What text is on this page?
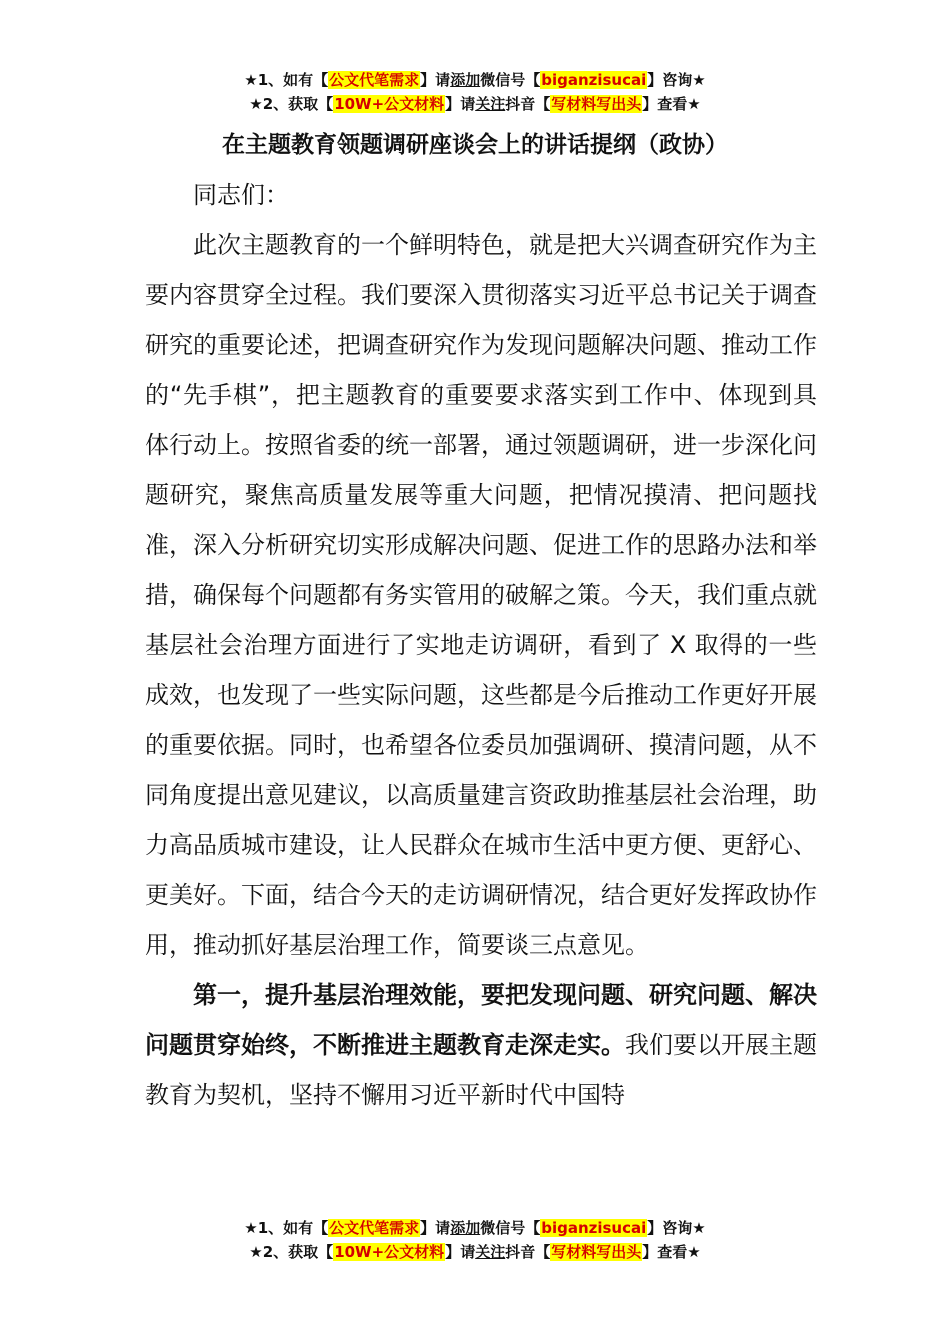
★1、如有【公文代笔需求】请添加微信号【biganzisucai】咨询★
★2、获取【10W+公文材料】请关注抖音【写材料写出头】查看★
在主题教育领题调研座谈会上的讲话提纲（政协）

同志们：

此次主题教育的一个鲜明特色，就是把大兴调查研究作为主要内容贯穿全过程。我们要深入贯彻落实习近平总书记关于调查研究的重要论述，把调查研究作为发现问题解决问题、推动工作的“先手棋”，把主题教育的重要要求落实到工作中、体现到具体行动上。按照省委的统一部署，通过领题调研，进一步深化问题研究，聚焦高质量发展等重大问题，把情况摸清、把问题找准，深入分析研究切实形成解决问题、促进工作的思路办法和举措，确保每个问题都有务实管用的破解之策。今天，我们重点就基层社会治理方面进行了实地走访调研，看到了 X 取得的一些成效，也发现了一些实际问题，这些都是今后推动工作更好开展的重要依据。同时，也希望各位委员加强调研、摸清问题，从不同角度提出意见建议，以高质量建言资政助推基层社会治理，助力高品质城市建设，让人民群众在城市生活中更方便、更舒心、更美好。下面，结合今天的走访调研情况，结合更好发挥政协作用，推动抓好基层治理工作，简要谈三点意见。

第一，提升基层治理效能，要把发现问题、研究问题、解决问题贯穿始终，不断推进主题教育走深走实。我们要以开展主题教育为契机，坚持不懈用习近平新时代中国特

★1、如有【公文代笔需求】请添加微信号【biganzisucai】咨询★
★2、获取【10W+公文材料】请关注抖音【写材料写出头】查看★
